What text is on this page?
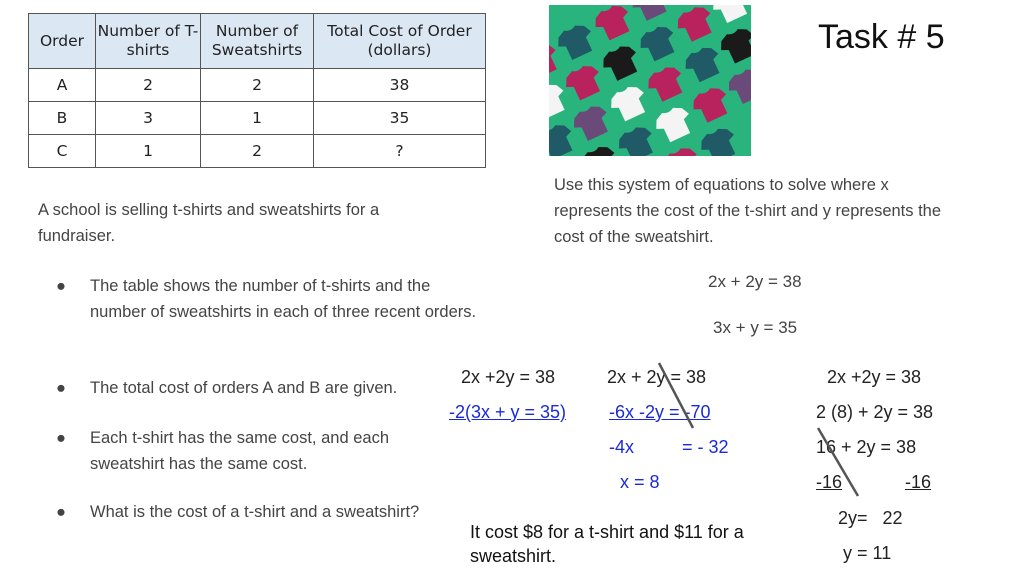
Order	Number of T-shirts	Number of Sweatshirts	Total Cost of Order (dollars)
A	2	2	38
B	3	1	35
C	1	2	?
Task # 5
A school is selling t-shirts and sweatshirts for a fundraiser.
● The table shows the number of t-shirts and the number of sweatshirts in each of three recent orders.
● The total cost of orders A and B are given.
● Each t-shirt has the same cost, and each sweatshirt has the same cost.
● What is the cost of a t-shirt and a sweatshirt?
Use this system of equations to solve where x represents the cost of the t-shirt and y represents the cost of the sweatshirt.
2x + 2y = 38
3x + y = 35
2x +2y = 38
-2(3x + y = 35)
2x + 2y = 38
-6x -2y = -70
-4x	= - 32
x = 8
2x +2y = 38
2 (8) + 2y = 38
16 + 2y = 38
-16	-16
2y=   22
y = 11
It cost $8 for a t-shirt and $11 for a sweatshirt.
